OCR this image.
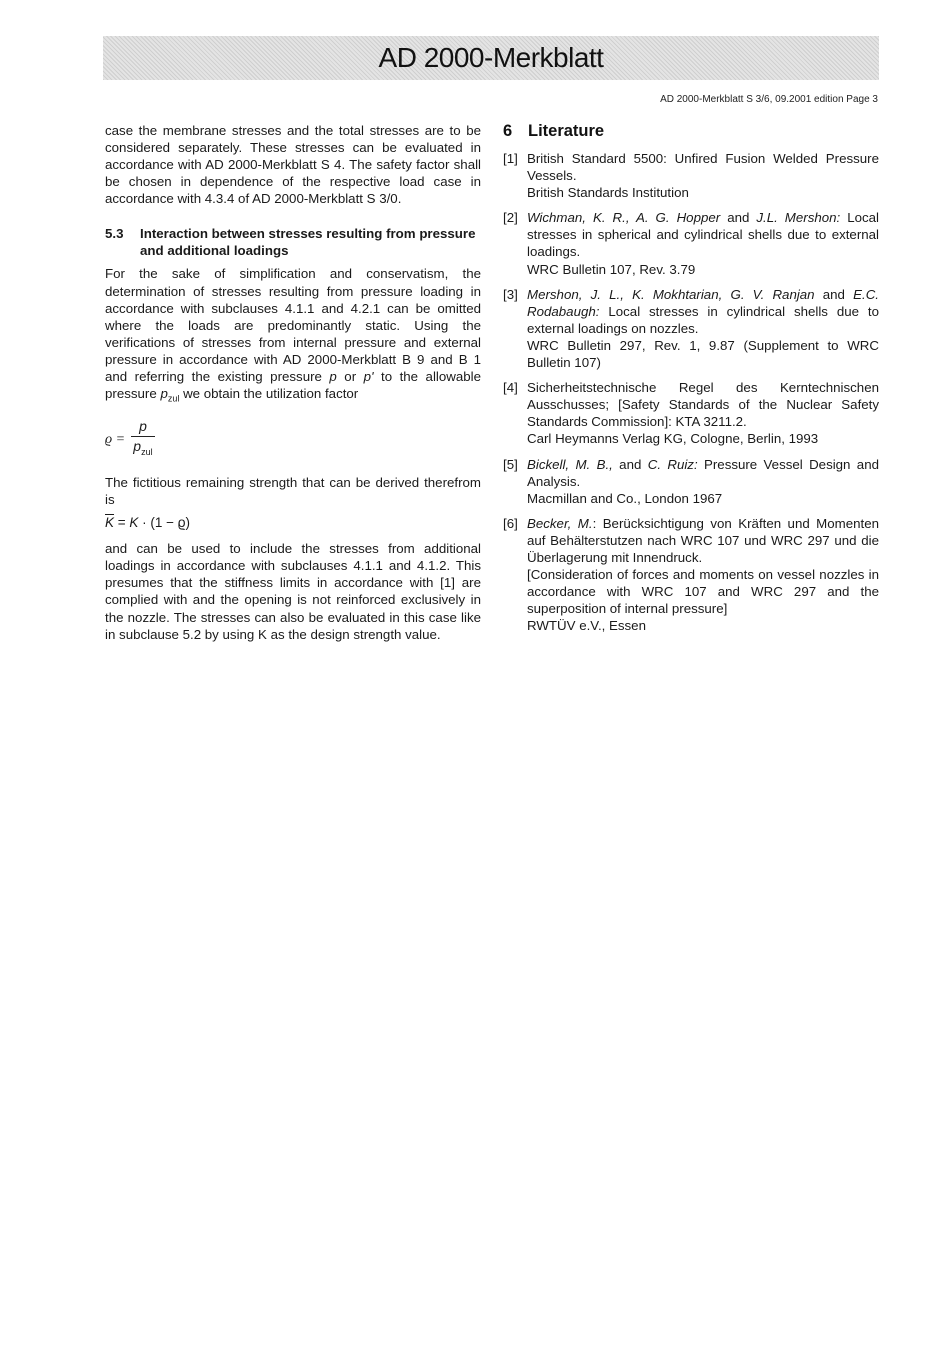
AD 2000-Merkblatt
AD 2000-Merkblatt S 3/6, 09.2001 edition Page 3

case the membrane stresses and the total stresses are to be considered separately. These stresses can be evaluated in accordance with AD 2000-Merkblatt S 4. The safety factor shall be chosen in dependence of the respective load case in accordance with 4.3.4 of AD 2000-Merkblatt S 3/0.

5.3	Interaction between stresses resulting from pressure and additional loadings

For the sake of simplification and conservatism, the determination of stresses resulting from pressure loading in accordance with subclauses 4.1.1 and 4.2.1 can be omitted where the loads are predominantly static. Using the verifications of stresses from internal pressure and external pressure in accordance with AD 2000-Merkblatt B 9 and B 1 and referring the existing pressure p or p' to the allowable pressure $p_{zul}$ we obtain the utilization factor

$ϱ = \frac{p}{p_{zul}}$

The fictitious remaining strength that can be derived therefrom is

$\overline{K} = K \cdot (1 - ϱ)$

and can be used to include the stresses from additional loadings in accordance with subclauses 4.1.1 and 4.1.2. This presumes that the stiffness limits in accordance with [1] are complied with and the opening is not reinforced exclusively in the nozzle. The stresses can also be evaluated in this case like in subclause 5.2 by using K as the design strength value.

6 Literature
[1] British Standard 5500: Unfired Fusion Welded Pressure Vessels.

British Standards Institution

[2] Wichman, K. R., A. G. Hopper and J.L. Mershon: Local stresses in spherical and cylindrical shells due to external loadings.

WRC Bulletin 107, Rev. 3.79

[3] Mershon, J. L., K. Mokhtarian, G. V. Ranjan and E.C. Rodabaugh: Local stresses in cylindrical shells due to external loadings on nozzles.

WRC Bulletin 297, Rev. 1, 9.87 (Supplement to WRC Bulletin 107)

[4] Sicherheitstechnische Regel des Kerntechnischen Ausschusses; [Safety Standards of the Nuclear Safety Standards Commission]: KTA 3211.2.

Carl Heymanns Verlag KG, Cologne, Berlin, 1993

[5] Bickell, M. B., and C. Ruiz: Pressure Vessel Design and Analysis.

Macmillan and Co., London 1967

[6] Becker, M.: Berücksichtigung von Kräften und Momenten auf Behälterstutzen nach WRC 107 und WRC 297 und die Überlagerung mit Innendruck.

[Consideration of forces and moments on vessel nozzles in accordance with WRC 107 and WRC 297 and the superposition of internal pressure]

RWTÜV e.V., Essen
